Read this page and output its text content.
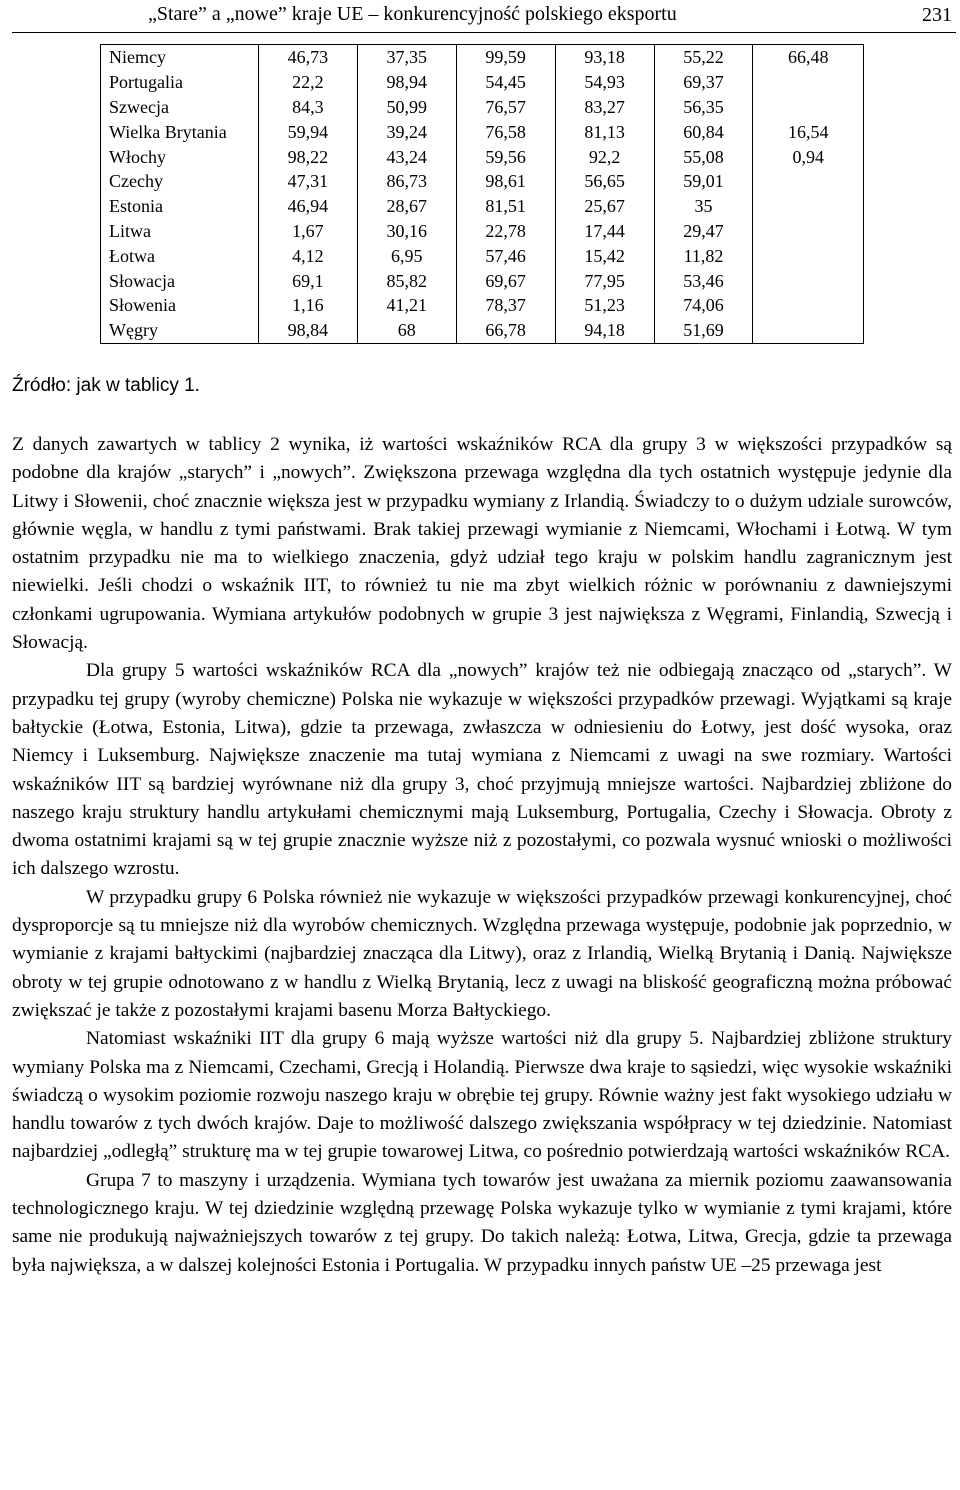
„Stare” a „nowe” kraje UE – konkurencyjność polskiego eksportu	231
Niemcy	46,73	37,35	99,59	93,18	55,22	66,48
Portugalia	22,2	98,94	54,45	54,93	69,37	
Szwecja	84,3	50,99	76,57	83,27	56,35	
Wielka Brytania	59,94	39,24	76,58	81,13	60,84	16,54
Włochy	98,22	43,24	59,56	92,2	55,08	0,94
Czechy	47,31	86,73	98,61	56,65	59,01	
Estonia	46,94	28,67	81,51	25,67	35	
Litwa	1,67	30,16	22,78	17,44	29,47	
Łotwa	4,12	6,95	57,46	15,42	11,82	
Słowacja	69,1	85,82	69,67	77,95	53,46	
Słowenia	1,16	41,21	78,37	51,23	74,06	
Węgry	98,84	68	66,78	94,18	51,69	
Źródło: jak w tablicy 1.

Z danych zawartych w tablicy 2 wynika, iż wartości wskaźników RCA dla grupy 3 w większości przypadków są podobne dla krajów „starych” i „nowych”. Zwiększona przewaga względna dla tych ostatnich występuje jedynie dla Litwy i Słowenii, choć znacznie większa jest w przypadku wymiany z Irlandią. Świadczy to o dużym udziale surowców, głównie węgla, w handlu z tymi państwami. Brak takiej przewagi wymianie z Niemcami, Włochami i Łotwą. W tym ostatnim przypadku nie ma to wielkiego znaczenia, gdyż udział tego kraju w polskim handlu zagranicznym jest niewielki. Jeśli chodzi o wskaźnik IIT, to również tu nie ma zbyt wielkich różnic w porównaniu z dawniejszymi członkami ugrupowania. Wymiana artykułów podobnych w grupie 3 jest największa z Węgrami, Finlandią, Szwecją i Słowacją.

Dla grupy 5 wartości wskaźników RCA dla „nowych” krajów też nie odbiegają znacząco od „starych”. W przypadku tej grupy (wyroby chemiczne) Polska nie wykazuje w większości przypadków przewagi. Wyjątkami są kraje bałtyckie (Łotwa, Estonia, Litwa), gdzie ta przewaga, zwłaszcza w odniesieniu do Łotwy, jest dość wysoka, oraz Niemcy i Luksemburg. Największe znaczenie ma tutaj wymiana z Niemcami z uwagi na swe rozmiary. Wartości wskaźników IIT są bardziej wyrównane niż dla grupy 3, choć przyjmują mniejsze wartości. Najbardziej zbliżone do naszego kraju struktury handlu artykułami chemicznymi mają Luksemburg, Portugalia, Czechy i Słowacja. Obroty z dwoma ostatnimi krajami są w tej grupie znacznie wyższe niż z pozostałymi, co pozwala wysnuć wnioski o możliwości ich dalszego wzrostu.

W przypadku grupy 6 Polska również nie wykazuje w większości przypadków przewagi konkurencyjnej, choć dysproporcje są tu mniejsze niż dla wyrobów chemicznych. Względna przewaga występuje, podobnie jak poprzednio, w wymianie z krajami bałtyckimi (najbardziej znacząca dla Litwy), oraz z Irlandią, Wielką Brytanią i Danią. Największe obroty w tej grupie odnotowano z w handlu z Wielką Brytanią, lecz z uwagi na bliskość geograficzną można próbować zwiększać je także z pozostałymi krajami basenu Morza Bałtyckiego.

Natomiast wskaźniki IIT dla grupy 6 mają wyższe wartości niż dla grupy 5. Najbardziej zbliżone struktury wymiany Polska ma z Niemcami, Czechami, Grecją i Holandią. Pierwsze dwa kraje to sąsiedzi, więc wysokie wskaźniki świadczą o wysokim poziomie rozwoju naszego kraju w obrębie tej grupy. Równie ważny jest fakt wysokiego udziału w handlu towarów z tych dwóch krajów. Daje to możliwość dalszego zwiększania współpracy w tej dziedzinie. Natomiast najbardziej „odległą” strukturę ma w tej grupie towarowej Litwa, co pośrednio potwierdzają wartości wskaźników RCA.

Grupa 7 to maszyny i urządzenia. Wymiana tych towarów jest uważana za miernik poziomu zaawansowania technologicznego kraju. W tej dziedzinie względną przewagę Polska wykazuje tylko w wymianie z tymi krajami, które same nie produkują najważniejszych towarów z tej grupy. Do takich należą: Łotwa, Litwa, Grecja, gdzie ta przewaga była największa, a w dalszej kolejności Estonia i Portugalia. W przypadku innych państw UE –25 przewaga jest
